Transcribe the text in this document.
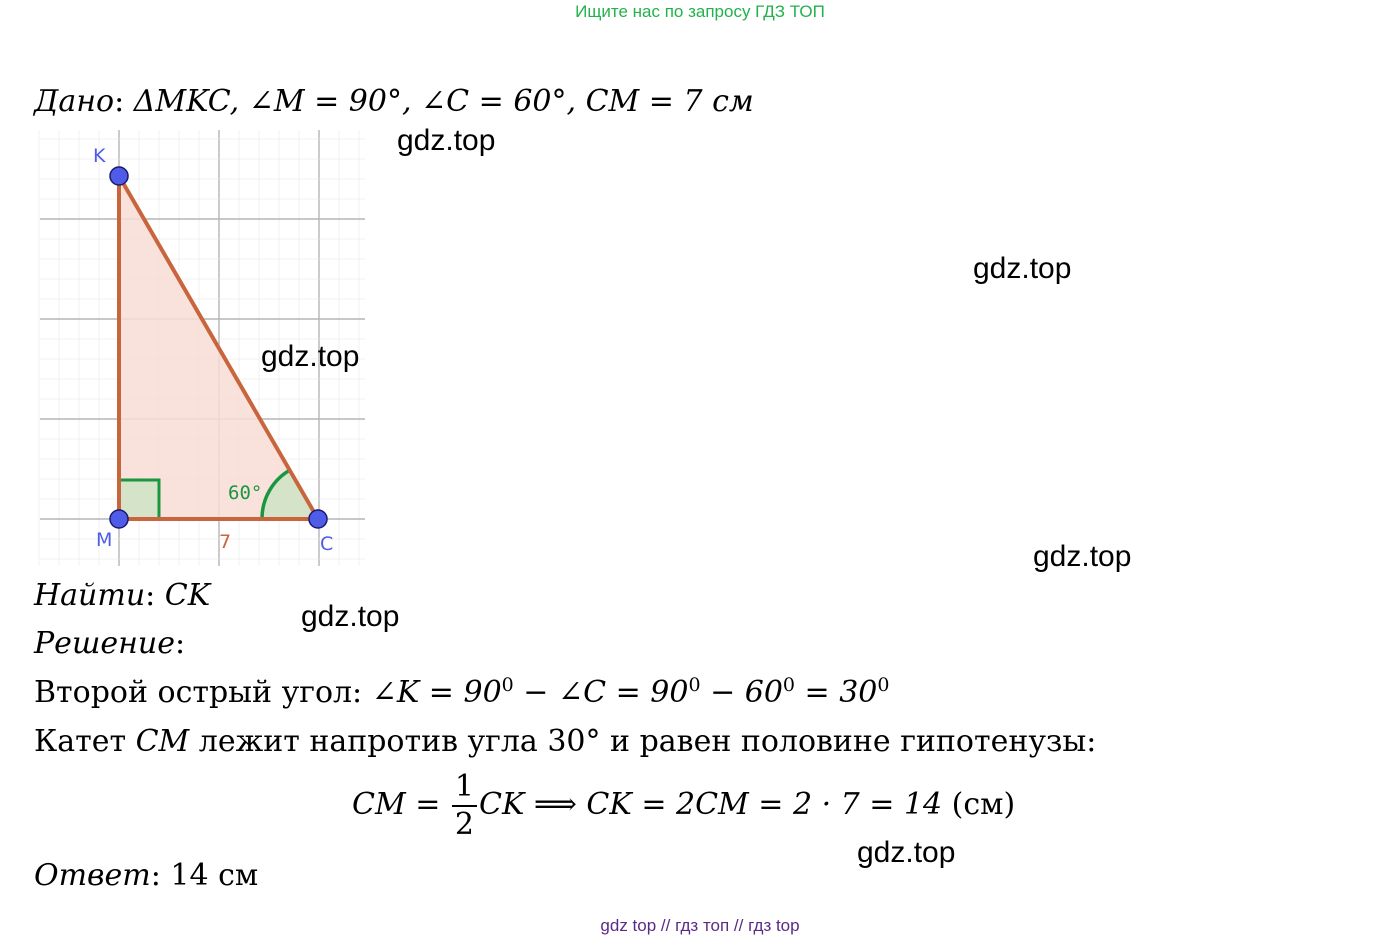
Ищите нас по запросу ГДЗ ТОП
Дано: ΔMKC, ∠M = 90°, ∠C = 60°, CM = 7 см
K
M	C
7
60°
gdz.top
gdz.top
gdz.top
gdz.top
gdz.top
gdz.top
Найти: CK
Решение:
Второй острый угол: ∠K = $90^0$ − ∠C = $90^0 - 60^0 = 30^0$
Катет CM лежит напротив угла 30° и равен половине гипотенузы:
CM = $\frac{1}{2}$ CK ⟹ CK = 2CM = 2 · 7 = 14 (см)
Ответ: 14 см
gdz top // гдз топ // гдз top
